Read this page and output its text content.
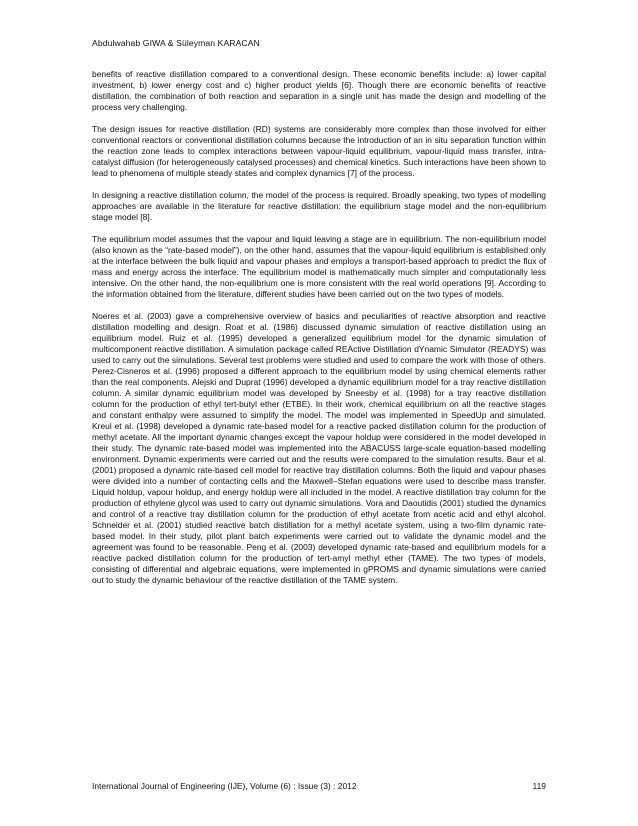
Abdulwahab GIWA & Süleyman KARACAN

benefits of reactive distillation compared to a conventional design. These economic benefits include: a) lower capital investment, b) lower energy cost and c) higher product yields [6]. Though there are economic benefits of reactive distillation, the combination of both reaction and separation in a single unit has made the design and modelling of the process very challenging.

The design issues for reactive distillation (RD) systems are considerably more complex than those involved for either conventional reactors or conventional distillation columns because the introduction of an in situ separation function within the reaction zone leads to complex interactions between vapour-liquid equilibrium, vapour-liquid mass transfer, intra-catalyst diffusion (for heterogeneously catalysed processes) and chemical kinetics. Such interactions have been shown to lead to phenomena of multiple steady states and complex dynamics [7] of the process.

In designing a reactive distillation column, the model of the process is required. Broadly speaking, two types of modelling approaches are available in the literature for reactive distillation: the equilibrium stage model and the non-equilibrium stage model [8].

The equilibrium model assumes that the vapour and liquid leaving a stage are in equilibrium. The non-equilibrium model (also known as the “rate-based model”), on the other hand, assumes that the vapour-liquid equilibrium is established only at the interface between the bulk liquid and vapour phases and employs a transport-based approach to predict the flux of mass and energy across the interface. The equilibrium model is mathematically much simpler and computationally less intensive. On the other hand, the non-equilibrium one is more consistent with the real world operations [9]. According to the information obtained from the literature, different studies have been carried out on the two types of models.

Noeres et al. (2003) gave a comprehensive overview of basics and peculiarities of reactive absorption and reactive distillation modelling and design. Roat et al. (1986) discussed dynamic simulation of reactive distillation using an equilibrium model. Ruiz et al. (1995) developed a generalized equilibrium model for the dynamic simulation of multicomponent reactive distillation. A simulation package called REActive Distillation dYnamic Simulator (READYS) was used to carry out the simulations. Several test problems were studied and used to compare the work with those of others. Perez-Cisneros et al. (1996) proposed a different approach to the equilibrium model by using chemical elements rather than the real components. Alejski and Duprat (1996) developed a dynamic equilibrium model for a tray reactive distillation column. A similar dynamic equilibrium model was developed by Sneesby et al. (1998) for a tray reactive distillation column for the production of ethyl tert-butyl ether (ETBE). In their work, chemical equilibrium on all the reactive stages and constant enthalpy were assumed to simplify the model. The model was implemented in SpeedUp and simulated. Kreul et al. (1998) developed a dynamic rate-based model for a reactive packed distillation column for the production of methyl acetate. All the important dynamic changes except the vapour holdup were considered in the model developed in their study. The dynamic rate-based model was implemented into the ABACUSS large-scale equation-based modelling environment. Dynamic experiments were carried out and the results were compared to the simulation results. Baur et al. (2001) proposed a dynamic rate-based cell model for reactive tray distillation columns. Both the liquid and vapour phases were divided into a number of contacting cells and the Maxwell–Stefan equations were used to describe mass transfer. Liquid holdup, vapour holdup, and energy holdup were all included in the model. A reactive distillation tray column for the production of ethylene glycol was used to carry out dynamic simulations. Vora and Daoutidis (2001) studied the dynamics and control of a reactive tray distillation column for the production of ethyl acetate from acetic acid and ethyl alcohol. Schneider et al. (2001) studied reactive batch distillation for a methyl acetate system, using a two-film dynamic rate-based model. In their study, pilot plant batch experiments were carried out to validate the dynamic model and the agreement was found to be reasonable. Peng et al. (2003) developed dynamic rate-based and equilibrium models for a reactive packed distillation column for the production of tert-amyl methyl ether (TAME). The two types of models, consisting of differential and algebraic equations, were implemented in gPROMS and dynamic simulations were carried out to study the dynamic behaviour of the reactive distillation of the TAME system.

International Journal of Engineering (IJE), Volume (6) : Issue (3) : 2012	119
